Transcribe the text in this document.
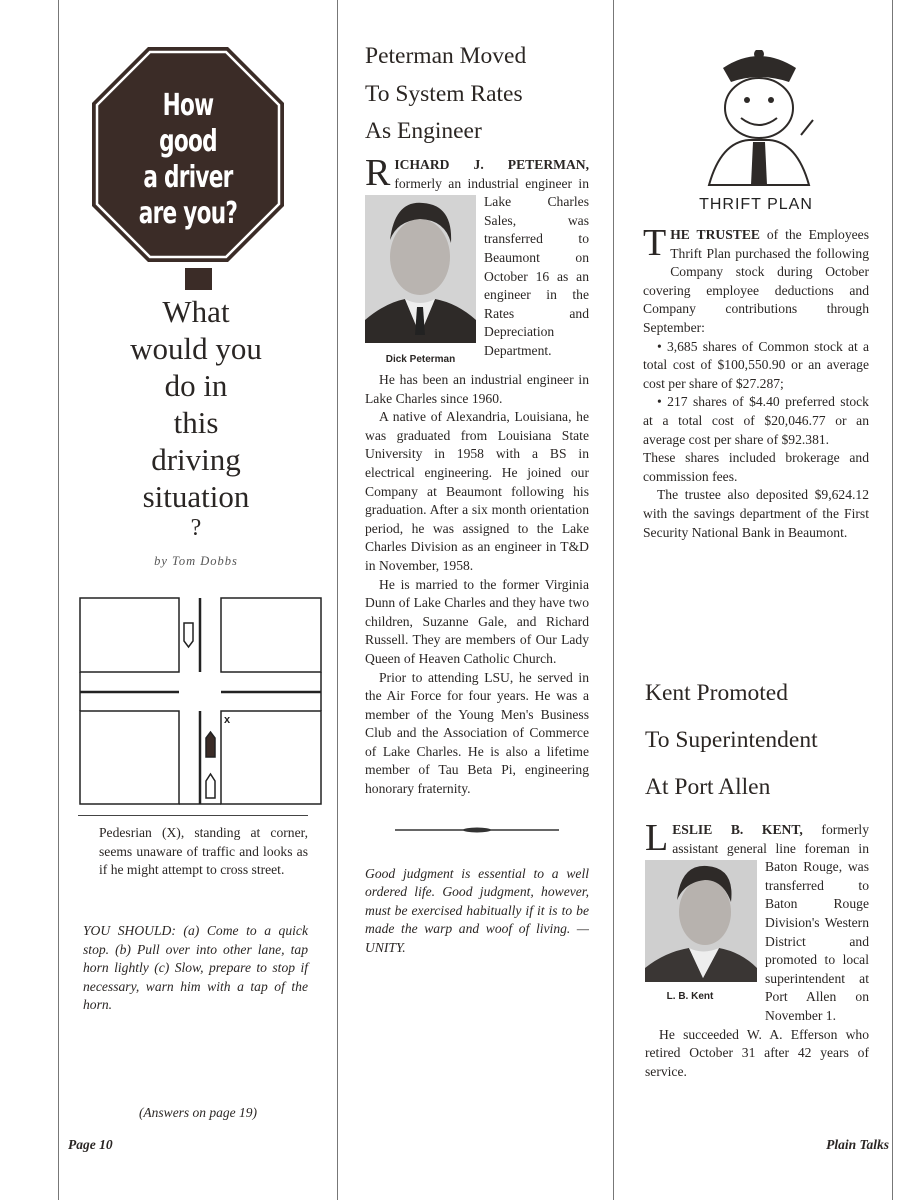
How good
a driver
are you?
What
would you
do in
this
driving
situation
?
by Tom Dobbs
x

Pedesrian (X), standing at corner, seems unaware of traffic and looks as if he might attempt to cross street.

YOU SHOULD: (a) Come to a quick stop. (b) Pull over into other lane, tap horn lightly (c) Slow, prepare to stop if necessary, warn him with a tap of the horn.

(Answers on page 19)
Page 10
Peterman Moved
To System Rates
As Engineer
R
Dick Peterman

ICHARD J. PETERMAN, formerly an industrial engineer in Lake Charles Sales, was transferred to Beaumont on October 16 as an engineer in the Rates and Depreciation Department.

He has been an industrial engineer in Lake Charles since 1960.

A native of Alexandria, Louisiana, he was graduated from Louisiana State University in 1958 with a BS in electrical engineering. He joined our Company at Beaumont following his graduation. After a six month orientation period, he was assigned to the Lake Charles Division as an engineer in T&D in November, 1958.

He is married to the former Virginia Dunn of Lake Charles and they have two children, Suzanne Gale, and Richard Russell. They are members of Our Lady Queen of Heaven Catholic Church.

Prior to attending LSU, he served in the Air Force for four years. He was a member of the Young Men's Business Club and the Association of Commerce of Lake Charles. He is also a lifetime member of Tau Beta Pi, engineering honorary fraternity.

Good judgment is essential to a well ordered life. Good judgment, however, must be exercised habitually if it is to be made the warp and woof of living. —UNITY.

THRIFT PLAN

THE TRUSTEE of the Employees Thrift Plan purchased the following Company stock during October covering employee deductions and Company contributions through September:

• 3,685 shares of Common stock at a total cost of $100,550.90 or an average cost per share of $27.287;

• 217 shares of $4.40 preferred stock at a total cost of $20,046.77 or an average cost per share of $92.381.

These shares included brokerage and commission fees.

The trustee also deposited $9,624.12 with the savings department of the First Security National Bank in Beaumont.

Kent Promoted
To Superintendent
At Port Allen
L
L. B. Kent

ESLIE B. KENT, formerly assistant general line foreman in Baton Rouge, was transferred to Baton Rouge Division's Western District and promoted to local superintendent at Port Allen on November 1.

He succeeded W. A. Efferson who retired October 31 after 42 years of service.

Plain Talks
